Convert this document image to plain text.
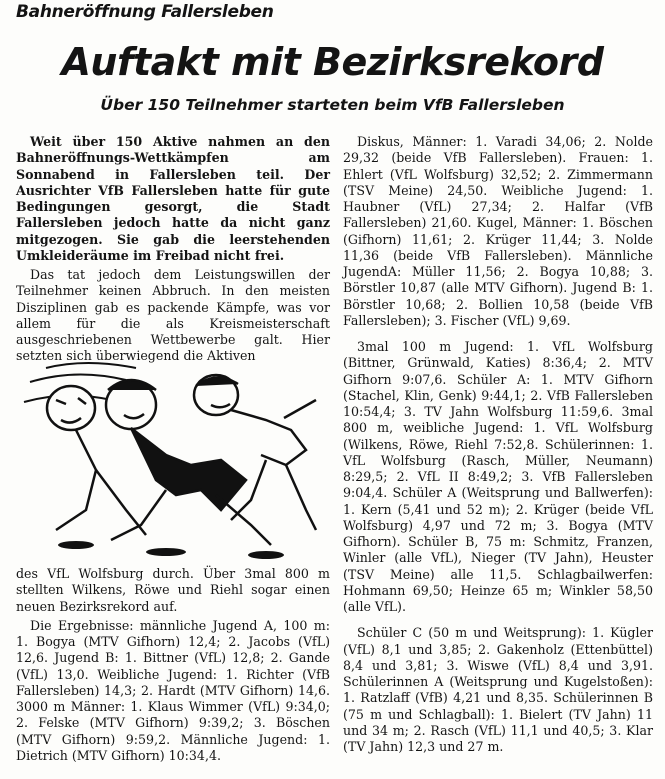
Bahneröffnung Fallersleben
Auftakt mit Bezirksrekord
Über 150 Teilnehmer starteten beim VfB Fallersleben

Weit über 150 Aktive nahmen an den Bahneröffnungs-Wettkämpfen am Sonnabend in Fallersleben teil. Der Ausrichter VfB Fallersleben hatte für gute Bedingungen gesorgt, die Stadt Fallersleben jedoch hatte da nicht ganz mitgezogen. Sie gab die leerstehenden Umkleideräume im Freibad nicht frei.

Das tat jedoch dem Leistungswillen der Teilnehmer keinen Abbruch. In den meisten Disziplinen gab es packende Kämpfe, was vor allem für die als Kreismeisterschaft ausgeschriebenen Wettbewerbe galt. Hier setzten sich überwiegend die Aktiven

des VfL Wolfsburg durch. Über 3mal 800 m stellten Wilkens, Röwe und Riehl sogar einen neuen Bezirksrekord auf.

Die Ergebnisse: männliche Jugend A, 100 m: 1. Bogya (MTV Gifhorn) 12,4; 2. Jacobs (VfL) 12,6. Jugend B: 1. Bittner (VfL) 12,8; 2. Gande (VfL) 13,0. Weibliche Jugend: 1. Richter (VfB Fallersleben) 14,3; 2. Hardt (MTV Gifhorn) 14,6. 3000 m Männer: 1. Klaus Wimmer (VfL) 9:34,0; 2. Felske (MTV Gifhorn) 9:39,2; 3. Böschen (MTV Gifhorn) 9:59,2. Männliche Jugend: 1. Dietrich (MTV Gifhorn) 10:34,4.

Diskus, Männer: 1. Varadi 34,06; 2. Nolde 29,32 (beide VfB Fallersleben). Frauen: 1. Ehlert (VfL Wolfsburg) 32,52; 2. Zimmermann (TSV Meine) 24,50. Weibliche Jugend: 1. Haubner (VfL) 27,34; 2. Halfar (VfB Fallersleben) 21,60. Kugel, Männer: 1. Böschen (Gifhorn) 11,61; 2. Krüger 11,44; 3. Nolde 11,36 (beide VfB Fallersleben). Männliche JugendA: Müller 11,56; 2. Bogya 10,88; 3. Börstler 10,87 (alle MTV Gifhorn). Jugend B: 1. Börstler 10,68; 2. Bollien 10,58 (beide VfB Fallersleben); 3. Fischer (VfL) 9,69.

3mal 100 m Jugend: 1. VfL Wolfsburg (Bittner, Grünwald, Katies) 8:36,4; 2. MTV Gifhorn 9:07,6. Schüler A: 1. MTV Gifhorn (Stachel, Klin, Genk) 9:44,1; 2. VfB Fallersleben 10:54,4; 3. TV Jahn Wolfsburg 11:59,6. 3mal 800 m, weibliche Jugend: 1. VfL Wolfsburg (Wilkens, Röwe, Riehl 7:52,8. Schülerinnen: 1. VfL Wolfsburg (Rasch, Müller, Neumann) 8:29,5; 2. VfL II 8:49,2; 3. VfB Fallersleben 9:04,4. Schüler A (Weitsprung und Ballwerfen): 1. Kern (5,41 und 52 m); 2. Krüger (beide VfL Wolfsburg) 4,97 und 72 m; 3. Bogya (MTV Gifhorn). Schüler B, 75 m: Schmitz, Franzen, Winler (alle VfL), Nieger (TV Jahn), Heuster (TSV Meine) alle 11,5. Schlagbailwerfen: Hohmann 69,50; Heinze 65 m; Winkler 58,50 (alle VfL).

Schüler C (50 m und Weitsprung): 1. Kügler (VfL) 8,1 und 3,85; 2. Gakenholz (Ettenbüttel) 8,4 und 3,81; 3. Wiswe (VfL) 8,4 und 3,91. Schülerinnen A (Weitsprung und Kugelstoßen): 1. Ratzlaff (VfB) 4,21 und 8,35. Schülerinnen B (75 m und Schlagball): 1. Bielert (TV Jahn) 11 und 34 m; 2. Rasch (VfL) 11,1 und 40,5; 3. Klar (TV Jahn) 12,3 und 27 m.
